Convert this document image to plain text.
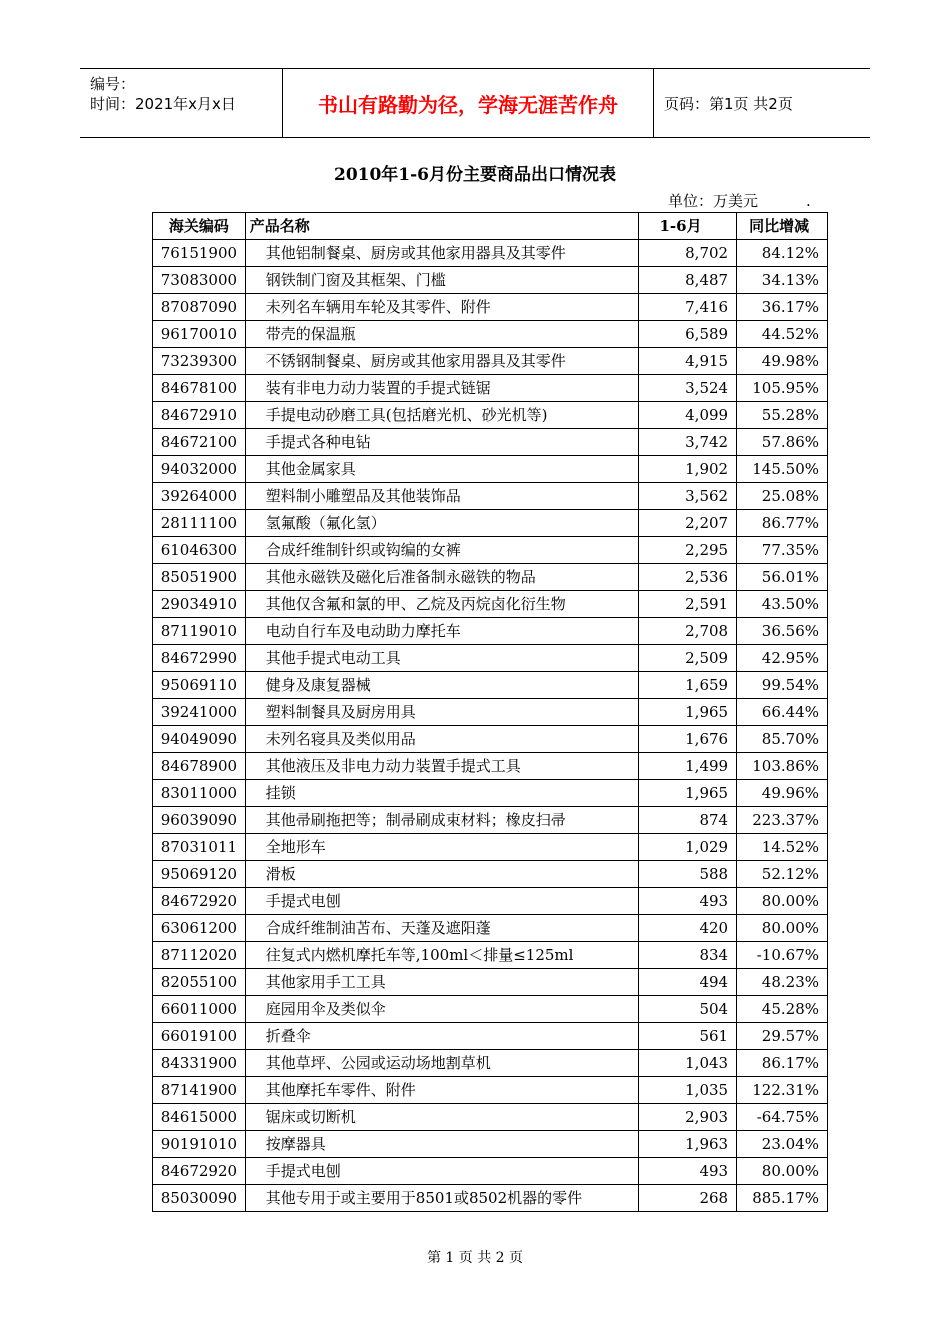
编号：
时间：2021年x月x日	书山有路勤为径，学海无涯苦作舟	页码：第1页 共2页
2010年1-6月份主要商品出口情况表
单位：万美元	.
海关编码	产品名称	1-6月	同比增减
76151900	其他铝制餐桌、厨房或其他家用器具及其零件	8,702	84.12%
73083000	钢铁制门窗及其框架、门槛	8,487	34.13%
87087090	未列名车辆用车轮及其零件、附件	7,416	36.17%
96170010	带壳的保温瓶	6,589	44.52%
73239300	不锈钢制餐桌、厨房或其他家用器具及其零件	4,915	49.98%
84678100	装有非电力动力装置的手提式链锯	3,524	105.95%
84672910	手提电动砂磨工具(包括磨光机、砂光机等)	4,099	55.28%
84672100	手提式各种电钻	3,742	57.86%
94032000	其他金属家具	1,902	145.50%
39264000	塑料制小雕塑品及其他装饰品	3,562	25.08%
28111100	氢氟酸（氟化氢）	2,207	86.77%
61046300	合成纤维制针织或钩编的女裤	2,295	77.35%
85051900	其他永磁铁及磁化后准备制永磁铁的物品	2,536	56.01%
29034910	其他仅含氟和氯的甲、乙烷及丙烷卤化衍生物	2,591	43.50%
87119010	电动自行车及电动助力摩托车	2,708	36.56%
84672990	其他手提式电动工具	2,509	42.95%
95069110	健身及康复器械	1,659	99.54%
39241000	塑料制餐具及厨房用具	1,965	66.44%
94049090	未列名寝具及类似用品	1,676	85.70%
84678900	其他液压及非电力动力装置手提式工具	1,499	103.86%
83011000	挂锁	1,965	49.96%
96039090	其他帚刷拖把等；制帚刷成束材料；橡皮扫帚	874	223.37%
87031011	全地形车	1,029	14.52%
95069120	滑板	588	52.12%
84672920	手提式电刨	493	80.00%
63061200	合成纤维制油苫布、天蓬及遮阳蓬	420	80.00%
87112020	往复式内燃机摩托车等,100ml＜排量≤125ml	834	-10.67%
82055100	其他家用手工工具	494	48.23%
66011000	庭园用伞及类似伞	504	45.28%
66019100	折叠伞	561	29.57%
84331900	其他草坪、公园或运动场地割草机	1,043	86.17%
87141900	其他摩托车零件、附件	1,035	122.31%
84615000	锯床或切断机	2,903	-64.75%
90191010	按摩器具	1,963	23.04%
84672920	手提式电刨	493	80.00%
85030090	其他专用于或主要用于8501或8502机器的零件	268	885.17%
第 1 页 共 2 页
